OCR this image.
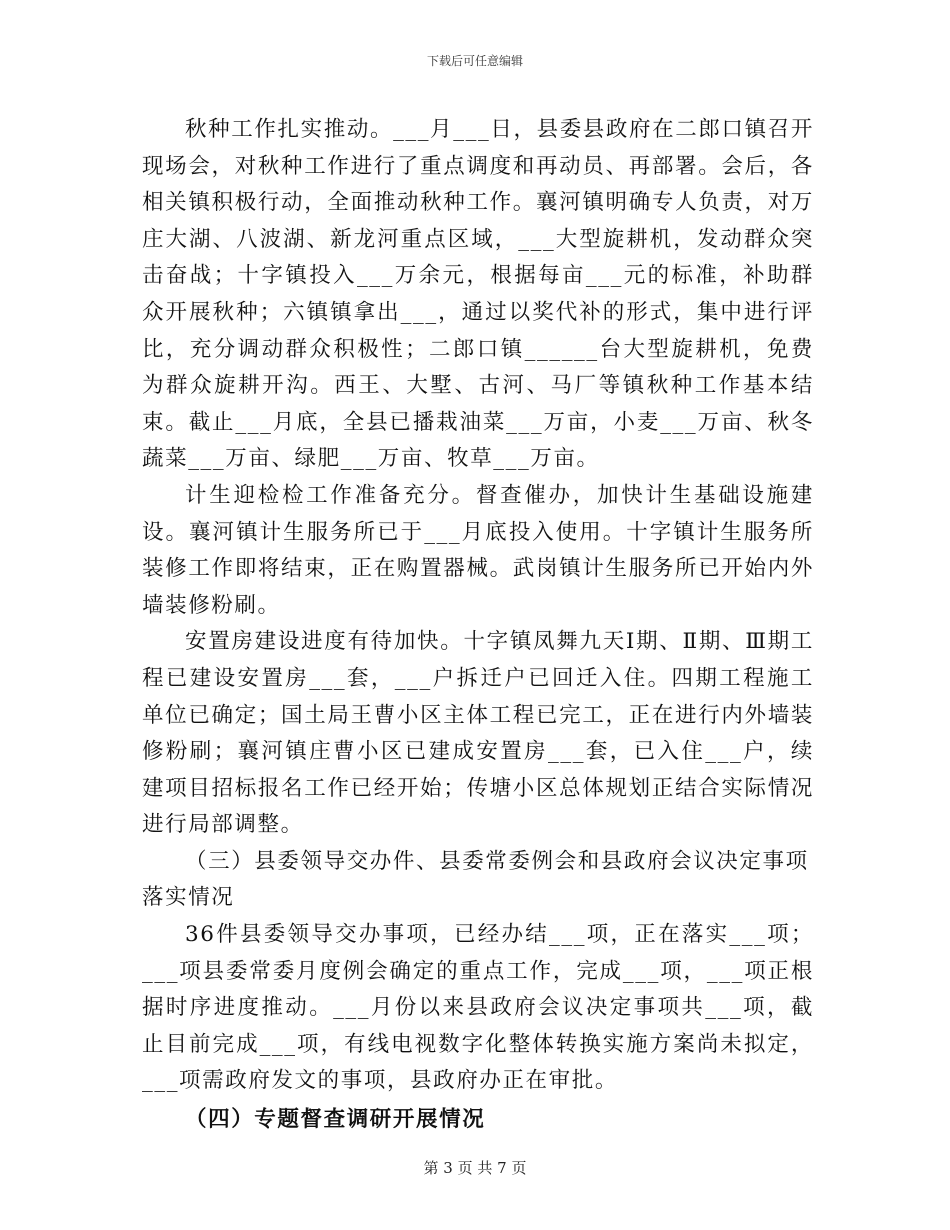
下载后可任意编辑

秋种工作扎实推动。___月___日，县委县政府在二郎口镇召开现场会，对秋种工作进行了重点调度和再动员、再部署。会后，各相关镇积极行动，全面推动秋种工作。襄河镇明确专人负责，对万庄大湖、八波湖、新龙河重点区域，___大型旋耕机，发动群众突击奋战；十字镇投入___万余元，根据每亩___元的标准，补助群众开展秋种；六镇镇拿出___，通过以奖代补的形式，集中进行评比，充分调动群众积极性；二郎口镇______台大型旋耕机，免费为群众旋耕开沟。西王、大墅、古河、马厂等镇秋种工作基本结束。截止___月底，全县已播栽油菜___万亩，小麦___万亩、秋冬蔬菜___万亩、绿肥___万亩、牧草___万亩。

计生迎检检工作准备充分。督查催办，加快计生基础设施建设。襄河镇计生服务所已于___月底投入使用。十字镇计生服务所装修工作即将结束，正在购置器械。武岗镇计生服务所已开始内外墙装修粉刷。

安置房建设进度有待加快。十字镇凤舞九天Ⅰ期、Ⅱ期、Ⅲ期工程已建设安置房___套，___户拆迁户已回迁入住。四期工程施工单位已确定；国土局王曹小区主体工程已完工，正在进行内外墙装修粉刷；襄河镇庄曹小区已建成安置房___套，已入住___户，续建项目招标报名工作已经开始；传塘小区总体规划正结合实际情况进行局部调整。

（三）县委领导交办件、县委常委例会和县政府会议决定事项落实情况

36件县委领导交办事项，已经办结___项，正在落实___项；___项县委常委月度例会确定的重点工作，完成___项，___项正根据时序进度推动。___月份以来县政府会议决定事项共___项，截止目前完成___项，有线电视数字化整体转换实施方案尚未拟定，___项需政府发文的事项，县政府办正在审批。

（四）专题督查调研开展情况

第 3 页 共 7 页
